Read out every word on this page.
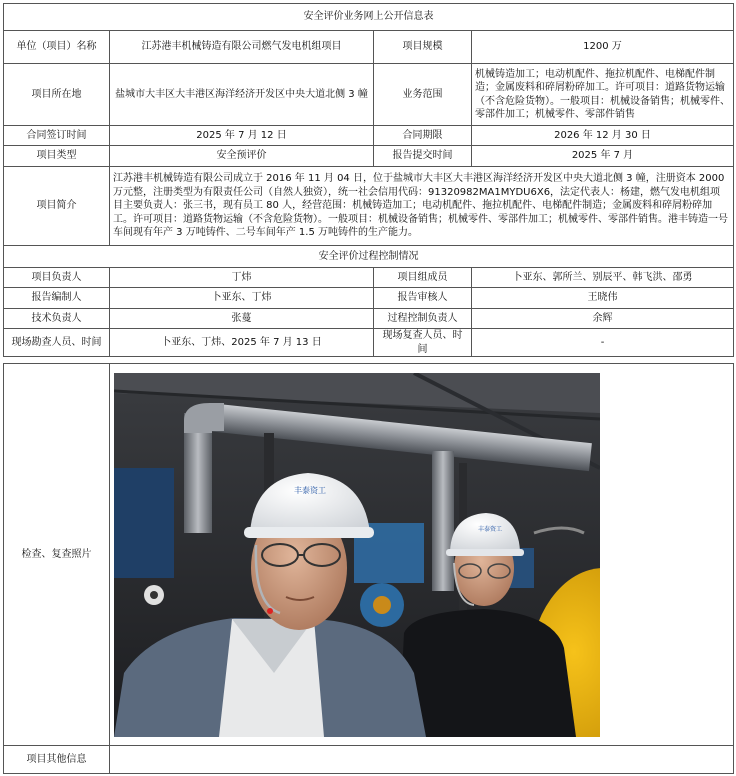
安全评价业务网上公开信息表			
单位（项目）名称	江苏港丰机械铸造有限公司燃气发电机组项目	项目规模	1200 万
项目所在地	盐城市大丰区大丰港区海洋经济开发区中央大道北侧 3 幢	业务范围	机械铸造加工；电动机配件、拖拉机配件、电梯配件制造；金属废料和碎屑粉碎加工。许可项目：道路货物运输（不含危险货物）。一般项目：机械设备销售；机械零件、零部件加工；机械零件、零部件销售
合同签订时间	2025 年 7 月 12 日	合同期限	2026 年 12 月 30 日
项目类型	安全预评价	报告提交时间	2025 年 7 月
项目简介	江苏港丰机械铸造有限公司成立于 2016 年 11 月 04 日，位于盐城市大丰区大丰港区海洋经济开发区中央大道北侧 3 幢，注册资本 2000 万元整，注册类型为有限责任公司（自然人独资），统一社会信用代码：91320982MA1MYDU6X6，法定代表人：杨建，燃气发电机组项目主要负责人：张三书，现有员工 80 人，经营范围：机械铸造加工；电动机配件、拖拉机配件、电梯配件制造；金属废料和碎屑粉碎加工。许可项目：道路货物运输（不含危险货物）。一般项目：机械设备销售；机械零件、零部件加工；机械零件、零部件销售。港丰铸造一号车间现有年产 3 万吨铸件、二号车间年产 1.5 万吨铸件的生产能力。		
安全评价过程控制情况			
项目负责人	丁炜	项目组成员	卜亚东、郭所兰、别辰平、韩飞洪、邵勇
报告编制人	卜亚东、丁炜	报告审核人	王晓伟
技术负责人	张蔓	过程控制负责人	余辉
现场勘查人员、时间	卜亚东、丁炜、2025 年 7 月 13 日	现场复查人员、时间	-
检查、复查照片	丰泰资工
丰泰资工

项目其他信息	
